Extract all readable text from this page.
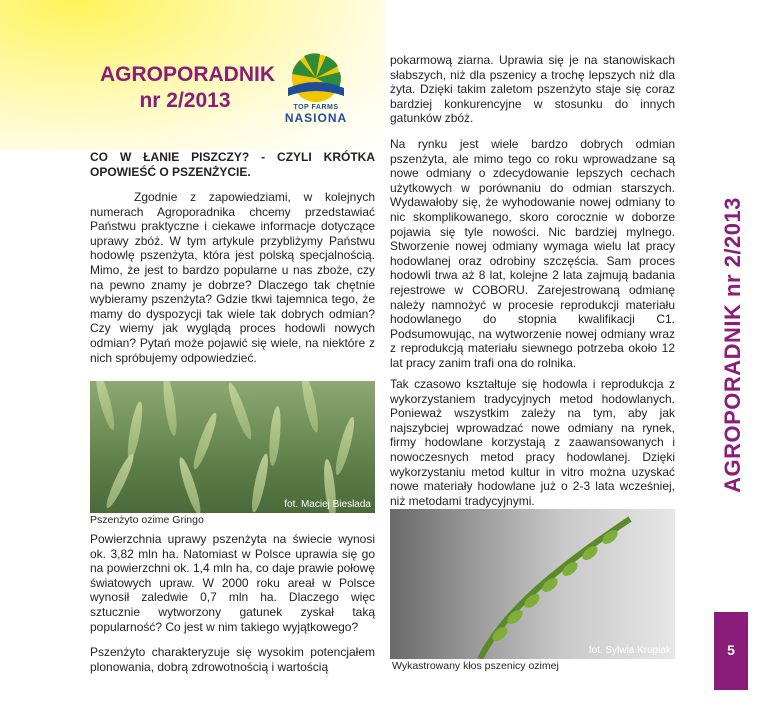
AGROPORADNIK
nr 2/2013	TOP FARMS
NASIONA
CO W ŁANIE PISZCZY? - CZYLI KRÓTKA OPOWIEŚĆ O PSZENŻYCIE.
Zgodnie z zapowiedziami, w kolejnych numerach Agroporadnika chcemy przedstawiać Państwu praktyczne i ciekawe informacje dotyczące uprawy zbóż. W tym artykule przybliżymy Państwu hodowlę pszenżyta, która jest polską specjalnością. Mimo, że jest to bardzo popularne u nas zboże, czy na pewno znamy je dobrze? Dlaczego tak chętnie wybieramy pszenżyta? Gdzie tkwi tajemnica tego, że mamy do dyspozycji tak wiele tak dobrych odmian? Czy wiemy jak wyglądą proces hodowli nowych odmian? Pytań może pojawić się wiele, na niektóre z nich spróbujemy odpowiedzieć.
fot. Maciej Bieslada
Pszenżyto ozime Gringo
Powierzchnia uprawy pszenżyta na świecie wynosi ok. 3,82 mln ha. Natomiast w Polsce uprawia się go na powierzchni ok. 1,4 mln ha, co daje prawie połowę światowych upraw. W 2000 roku areał w Polsce wynosił zaledwie 0,7 mln ha. Dlaczego więc sztucznie wytworzony gatunek zyskał taką popularność? Co jest w nim takiego wyjątkowego?
Pszenżyto charakteryzuje się wysokim potencjałem plonowania, dobrą zdrowotnością i wartością
pokarmową ziarna. Uprawia się je na stanowiskach słabszych, niż dla pszenicy a trochę lepszych niż dla żyta. Dzięki takim zaletom pszenżyto staje się coraz bardziej konkurencyjne w stosunku do innych gatunków zbóż.
Na rynku jest wiele bardzo dobrych odmian pszenżyta, ale mimo tego co roku wprowadzane są nowe odmiany o zdecydowanie lepszych cechach użytkowych w porównaniu do odmian starszych. Wydawałoby się, że wyhodowanie nowej odmiany to nic skomplikowanego, skoro corocznie w doborze pojawia się tyle nowości. Nic bardziej mylnego. Stworzenie nowej odmiany wymaga wielu lat pracy hodowlanej oraz odrobiny szczęścia. Sam proces hodowli trwa aż 8 lat, kolejne 2 lata zajmują badania rejestrowe w COBORU. Zarejestrowaną odmianę należy namnożyć w procesie reprodukcji materiału hodowlanego do stopnia kwalifikacji C1. Podsumowując, na wytworzenie nowej odmiany wraz z reprodukcją materiału siewnego potrzeba około 12 lat pracy zanim trafi ona do rolnika.
Tak czasowo kształtuje się hodowla i reprodukcja z wykorzystaniem tradycyjnych metod hodowlanych. Ponieważ wszystkim zależy na tym, aby jak najszybciej wprowadzać nowe odmiany na rynek, firmy hodowlane korzystają z zaawansowanych i nowoczesnych metod pracy hodowlanej. Dzięki wykorzystaniu metod kultur in vitro można uzyskać nowe materiały hodowlane już o 2-3 lata wcześniej, niż metodami tradycyjnymi.
fot. Sylwia Krupiak
Wykastrowany kłos pszenicy ozimej
AGROPORADNIK nr 2/2013
5
